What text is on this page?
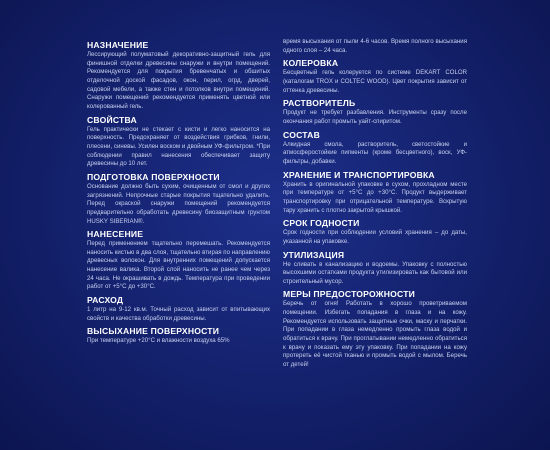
НАЗНАЧЕНИЕ

Лессирующий полуматовый декоративно-защитный гель для финишной отделки древесины снаружи и внутри помещений. Рекомендуется для покрытия бревенчатых и обшитых отделочной доской фасадов, окон, перил, огрд, дверей, садовой мебели, а также стен и потолков внутри помещений. Снаружи помещений рекомендуется применять цветной или колерованный гель.

СВОЙСТВА

Гель практически не стекает с кисти и легко наносится на поверхность. Предохраняет от воздействия грибков, гнили, плесени, синевы. Усилен воском и двойным УФ-фильтром. *При соблюдении правил нанесения обеспечивает защиту древесины до 10 лет.

ПОДГОТОВКА ПОВЕРХНОСТИ

Основание должно быть сухим, очищенным от смол и других загрязнений. Непрочные старые покрытия тщательно удалить. Перед окраской снаружи помещений рекомендуется предварительно обработать древесину биозащитным грунтом HUSKY SIBERIAN®.

НАНЕСЕНИЕ

Перед применением тщательно перемешать. Рекомендуется наносить кистью в два слоя, тщательно втирая по направлению древесных волокон. Для внутренних помещений допускается нанесение валика. Второй слой наносить не ранее чем через 24 часа. Не окрашивать в дождь. Температура при проведении работ от +5°С до +30°С.

РАСХОД

1 литр на 9-12 кв.м. Точный расход зависит от впитывающих свойств и качества обработки древесины.

ВЫСЫХАНИЕ ПОВЕРХНОСТИ

При температуре +20°С и влажности воздуха 65%

время высыхания от пыли 4-6 часов. Время полного высыхания одного слоя – 24 часа.

КОЛЕРОВКА

Бесцветный гель колеруется по системе DEKART COLOR (каталогам TROX и COLTEC WOOD). Цвет покрытия зависит от оттенка древесины.

РАСТВОРИТЕЛЬ

Продукт не требует разбавления. Инструменты сразу после окончания работ промыть уайт-спиритом.

СОСТАВ

Алкидная смола, растворитель, светостойкие и атмосферостойкие пигменты (кроме бесцветного), воск, УФ-фильтры, добавки.

ХРАНЕНИЕ И ТРАНСПОРТИРОВКА

Хранить в оригинальной упаковке в сухом, прохладном месте при температуре от +5°С до +30°С. Продукт выдерживает транспортировку при отрицательной температуре. Вскрытую тару хранить с плотно закрытой крышкой.

СРОК ГОДНОСТИ

Срок годности при соблюдении условий хранения – до даты, указанной на упаковке.

УТИЛИЗАЦИЯ

Не сливать в канализацию и водоемы. Упаковку с полностью высохшими остатками продукта утилизировать как бытовой или строительный мусор.

МЕРЫ ПРЕДОСТОРОЖНОСТИ

Беречь от огня! Работать в хорошо проветриваемом помещении. Избегать попадания в глаза и на кожу. Рекомендуется использовать защитные очки, маску и перчатки. При попадании в глаза немедленно промыть глаза водой и обратиться к врачу. При проглатывании немедленно обратиться к врачу и показать ему эту упаковку. При попадании на кожу протереть её чистой тканью и промыть водой с мылом. Беречь от детей!
